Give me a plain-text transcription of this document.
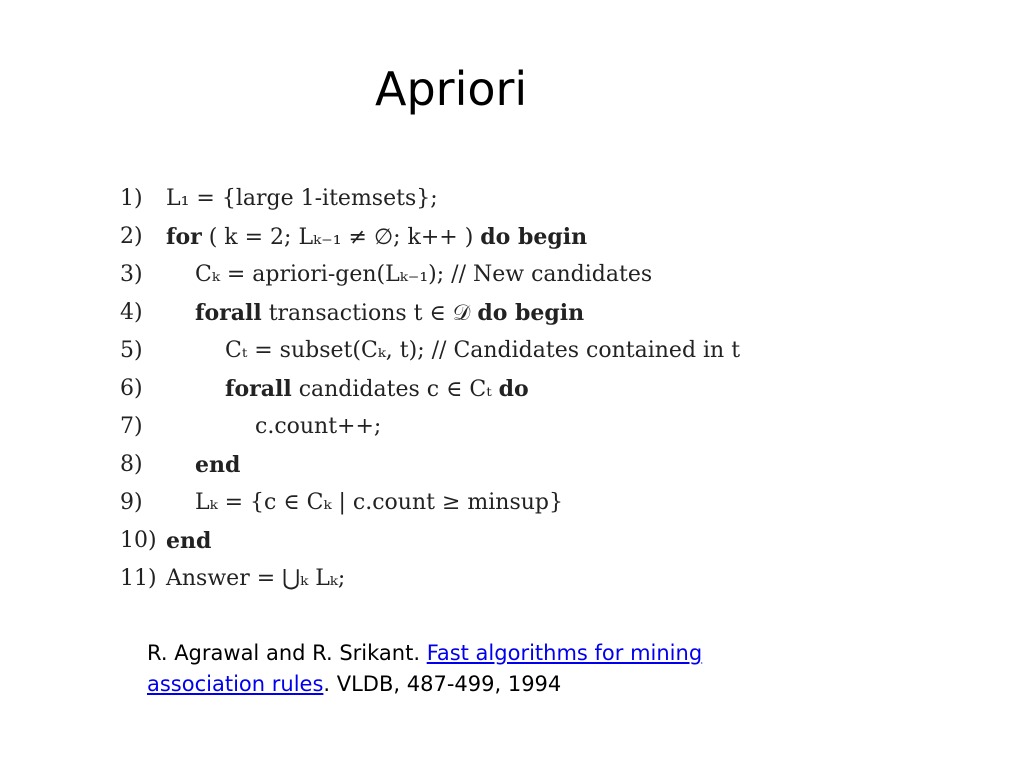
Apriori
1)	L₁ = {large 1-itemsets};
2)	for ( k = 2; Lₖ₋₁ ≠ ∅; k++ ) do begin
3)	Cₖ = apriori-gen(Lₖ₋₁); // New candidates
4)	forall transactions t ∈ 𝒟 do begin
5)	Cₜ = subset(Cₖ, t); // Candidates contained in t
6)	forall candidates c ∈ Cₜ do
7)	c.count++;
8)	end
9)	Lₖ = {c ∈ Cₖ | c.count ≥ minsup}
10) end
11) Answer = ⋃ₖ Lₖ;
R. Agrawal and R. Srikant. Fast algorithms for mining association rules. VLDB, 487-499, 1994
